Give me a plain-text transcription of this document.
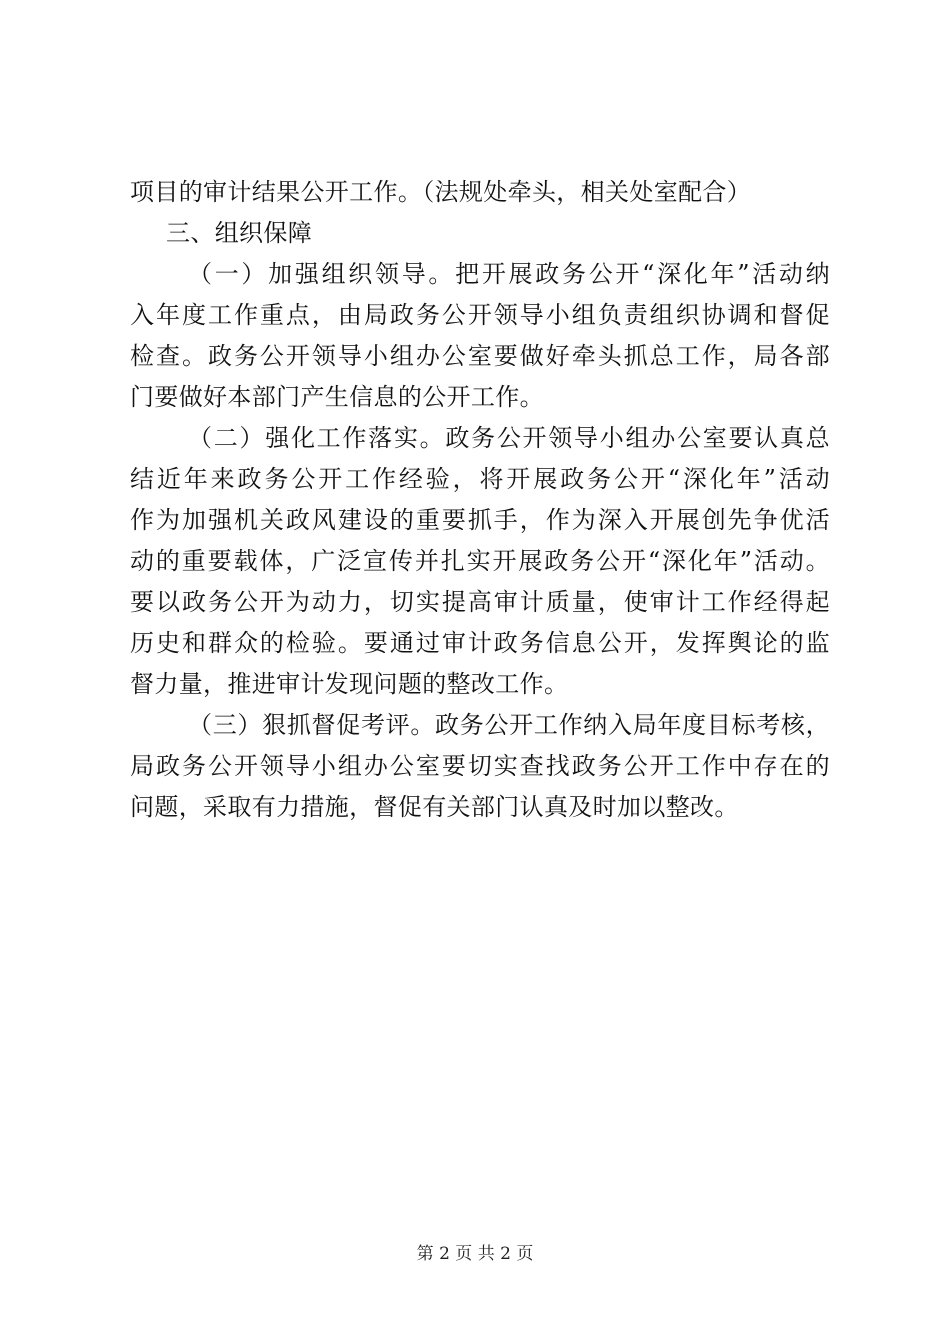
项目的审计结果公开工作。（法规处牵头，相关处室配合）
三、组织保障
（一）加强组织领导。把开展政务公开“深化年”活动纳
入年度工作重点，由局政务公开领导小组负责组织协调和督促
检查。政务公开领导小组办公室要做好牵头抓总工作，局各部
门要做好本部门产生信息的公开工作。
（二）强化工作落实。政务公开领导小组办公室要认真总
结近年来政务公开工作经验，将开展政务公开“深化年”活动
作为加强机关政风建设的重要抓手，作为深入开展创先争优活
动的重要载体，广泛宣传并扎实开展政务公开“深化年”活动。
要以政务公开为动力，切实提高审计质量，使审计工作经得起
历史和群众的检验。要通过审计政务信息公开，发挥舆论的监
督力量，推进审计发现问题的整改工作。
（三）狠抓督促考评。政务公开工作纳入局年度目标考核，
局政务公开领导小组办公室要切实查找政务公开工作中存在的
问题，采取有力措施，督促有关部门认真及时加以整改。
第 2 页 共 2 页
